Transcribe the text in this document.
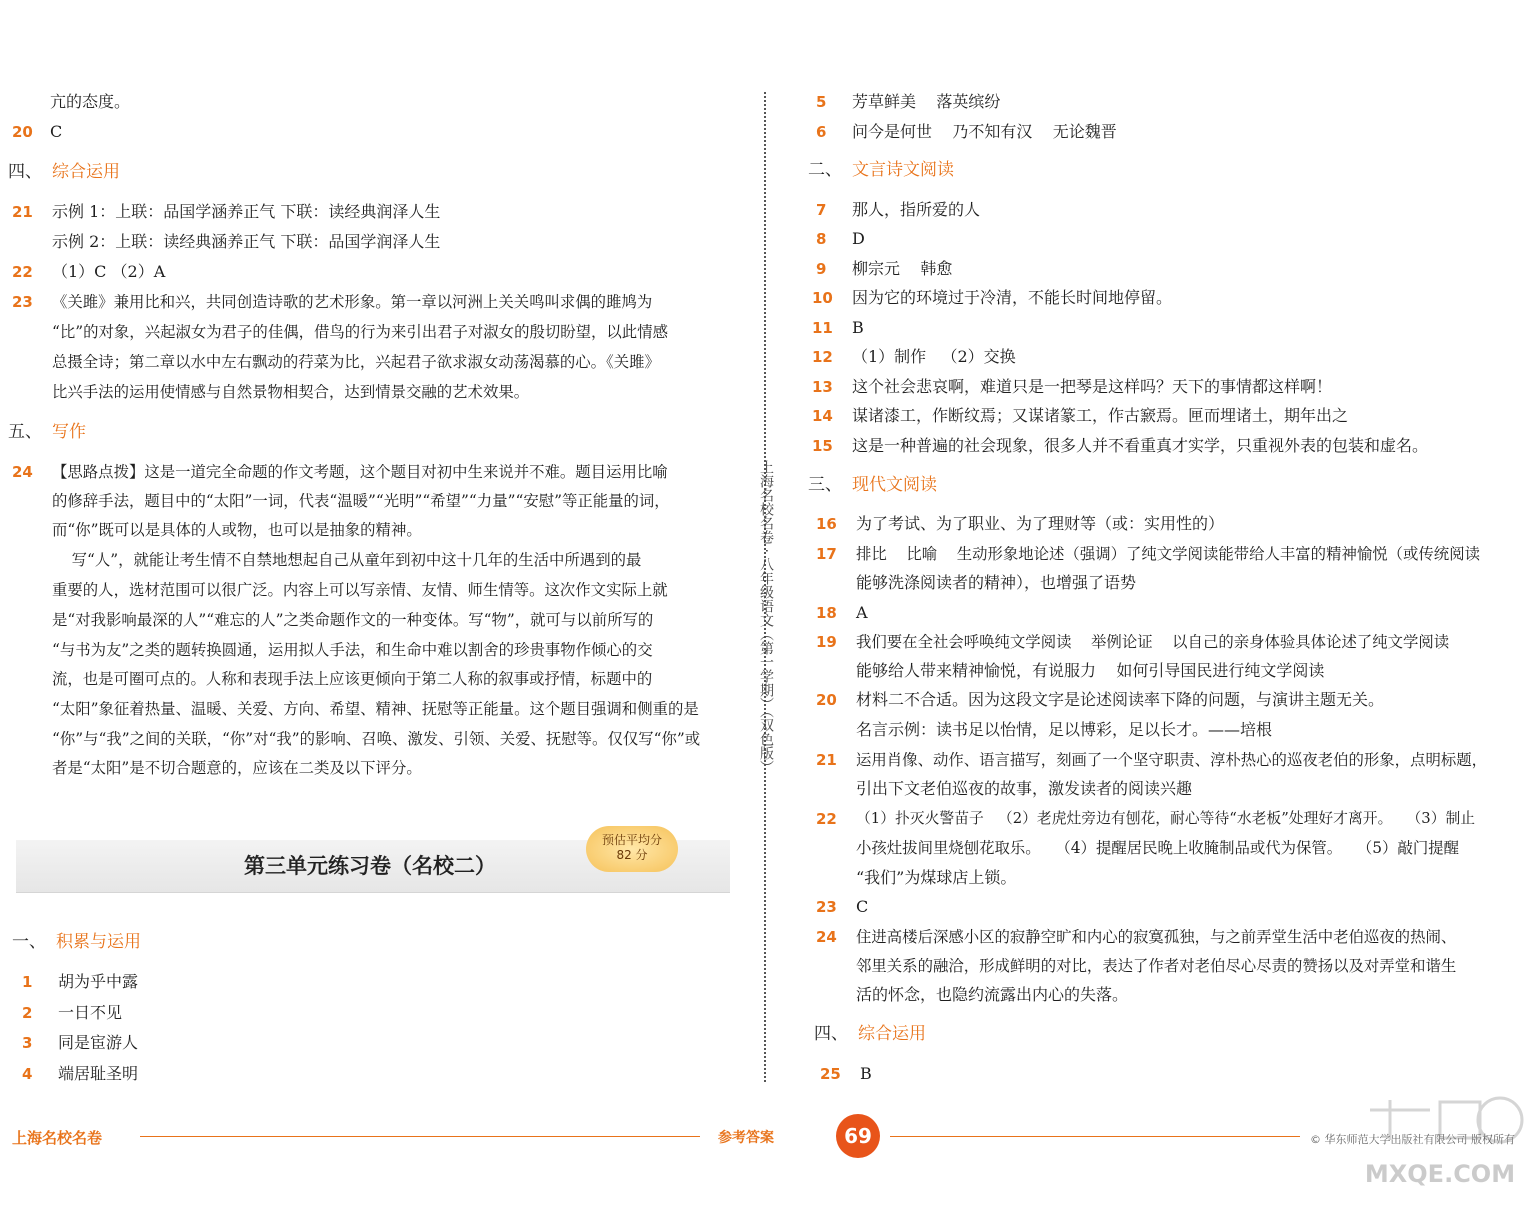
亢的态度。
20 C
四、 综合运用
21 示例 1：上联：品国学涵养正气 下联：读经典润泽人生
示例 2：上联：读经典涵养正气 下联：品国学润泽人生
22 （1）C （2）A
23 《关雎》兼用比和兴，共同创造诗歌的艺术形象。第一章以河洲上关关鸣叫求偶的雎鸠为
“比”的对象，兴起淑女为君子的佳偶，借鸟的行为来引出君子对淑女的殷切盼望，以此情感
总摄全诗；第二章以水中左右飘动的荇菜为比，兴起君子欲求淑女动荡渴慕的心。《关雎》
比兴手法的运用使情感与自然景物相契合，达到情景交融的艺术效果。
五、 写作
24 【思路点拨】这是一道完全命题的作文考题，这个题目对初中生来说并不难。题目运用比喻
的修辞手法，题目中的“太阳”一词，代表“温暖”“光明”“希望”“力量”“安慰”等正能量的词，
而“你”既可以是具体的人或物，也可以是抽象的精神。
写“人”，就能让考生情不自禁地想起自己从童年到初中这十几年的生活中所遇到的最
重要的人，选材范围可以很广泛。内容上可以写亲情、友情、师生情等。这次作文实际上就
是“对我影响最深的人”“难忘的人”之类命题作文的一种变体。写“物”，就可与以前所写的
“与书为友”之类的题转换圆通，运用拟人手法，和生命中难以割舍的珍贵事物作倾心的交
流，也是可圈可点的。人称和表现手法上应该更倾向于第二人称的叙事或抒情，标题中的
“太阳”象征着热量、温暖、关爱、方向、希望、精神、抚慰等正能量。这个题目强调和侧重的是
“你”与“我”之间的关联，“你”对“我”的影响、召唤、激发、引领、关爱、抚慰等。仅仅写“你”或
者是“太阳”是不切合题意的，应该在二类及以下评分。
第三单元练习卷（名校二）
预估平均分
82 分
一、 积累与运用
1 胡为乎中露
2 一日不见
3 同是宦游人
4 端居耻圣明
上海名校名卷 · 八年级语文（第一学期）（双色版）
5 芳草鲜美    落英缤纷
6 问今是何世    乃不知有汉    无论魏晋
二、 文言诗文阅读
7 那人，指所爱的人
8 D
9 柳宗元    韩愈
10 因为它的环境过于冷清，不能长时间地停留。
11 B
12 （1）制作   （2）交换
13 这个社会悲哀啊，难道只是一把琴是这样吗？天下的事情都这样啊！
14 谋诸漆工，作断纹焉；又谋诸篆工，作古窾焉。匣而埋诸土，期年出之
15 这是一种普遍的社会现象，很多人并不看重真才实学，只重视外表的包装和虚名。
三、 现代文阅读
16 为了考试、为了职业、为了理财等（或：实用性的）
17 排比    比喻    生动形象地论述（强调）了纯文学阅读能带给人丰富的精神愉悦（或传统阅读
能够洗涤阅读者的精神），也增强了语势
18 A
19 我们要在全社会呼唤纯文学阅读    举例论证    以自己的亲身体验具体论述了纯文学阅读
能够给人带来精神愉悦，有说服力    如何引导国民进行纯文学阅读
20 材料二不合适。因为这段文字是论述阅读率下降的问题，与演讲主题无关。
名言示例：读书足以怡情，足以博彩，足以长才。——培根
21 运用肖像、动作、语言描写，刻画了一个坚守职责、淳朴热心的巡夜老伯的形象，点明标题，
引出下文老伯巡夜的故事，激发读者的阅读兴趣
22 （1）扑灭火警苗子   （2）老虎灶旁边有刨花，耐心等待“水老板”处理好才离开。   （3）制止
小孩灶拔间里烧刨花取乐。   （4）提醒居民晚上收腌制品或代为保管。   （5）敲门提醒
“我们”为煤球店上锁。
23 C
24 住进高楼后深感小区的寂静空旷和内心的寂寞孤独，与之前弄堂生活中老伯巡夜的热闹、
邻里关系的融洽，形成鲜明的对比，表达了作者对老伯尽心尽责的赞扬以及对弄堂和谐生
活的怀念，也隐约流露出内心的失落。
四、 综合运用
25 B
上海名校名卷	参考答案	69	© 华东师范大学出版社有限公司 版权所有
MXQE.COM
